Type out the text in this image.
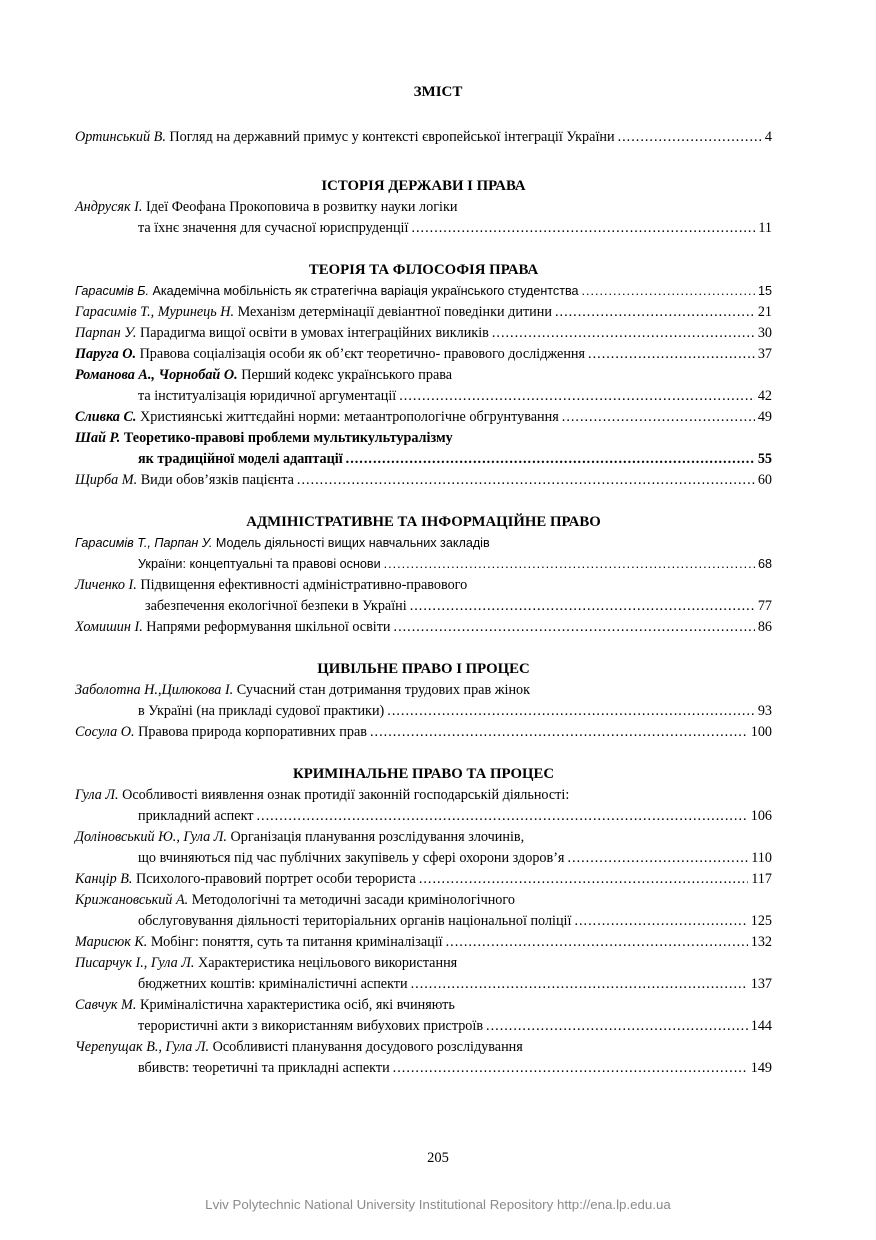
ЗМІСТ
Ортинський В. Погляд на державний примус у контексті європейської інтеграції України .....	4
ІСТОРІЯ ДЕРЖАВИ І ПРАВА
Андрусяк І. Ідеї Феофана Прокоповича в розвитку науки логіки
та їхнє значення для сучасної юриспруденції .....	11
ТЕОРІЯ ТА ФІЛОСОФІЯ ПРАВА
Гарасимів Б. Академічна мобільність як стратегічна варіація українського студентства .....	15
Гарасимів Т., Муринець Н. Механізм детермінації девіантної поведінки дитини .....	21
Парпан У. Парадигма вищої освіти в умовах інтеграційних викликів .....	30
Паруга О. Правова соціалізація особи як об’єкт теоретично- правового дослідження .....	37
Романова А., Чорнобай О. Перший кодекс українського права
та інституалізація юридичної аргументації .....	42
Сливка С. Християнські життєдайні норми: метаантропологічне обгрунтування .....	49
Шай Р. Теоретико-правові проблеми мультикультуралізму
як традиційної моделі адаптації .....	55
Щирба М. Види обов’язків пацієнта .....	60
АДМІНІСТРАТИВНЕ ТА ІНФОРМАЦІЙНЕ ПРАВО
Гарасимів Т., Парпан У. Модель діяльності вищих навчальних закладів
України: концептуальні та правові основи .....	68
Личенко І. Підвищення ефективності адміністративно-правового
забезпечення екологічної безпеки в Україні .....	77
Хомишин І. Напрями реформування шкільної освіти .....	86
ЦИВІЛЬНЕ ПРАВО І ПРОЦЕС
Заболотна Н.,Цилюкова І. Сучасний стан дотримання трудових прав жінок
в Україні (на прикладі судової практики) .....	93
Сосула О. Правова природа корпоративних прав .....	100
КРИМІНАЛЬНЕ ПРАВО ТА ПРОЦЕС
Гула Л. Особливості виявлення ознак протидії законній господарській діяльності:
прикладний аспект .....	106
Доліновський Ю., Гула Л. Організація планування розслідування злочинів,
що вчиняються під час публічних закупівель у сфері охорони здоров’я .....	110
Канцір В. Психолого-правовий портрет особи терориста .....	117
Крижановський А. Методологічні та методичні засади кримінологічного
обслуговування діяльності територіальних органів національної поліції .....	125
Марисюк К. Мобінг: поняття, суть та питання криміналізації .....	132
Писарчук І., Гула Л. Характеристика нецільового використання
бюджетних коштів: криміналістичні аспекти .....	137
Савчук М. Криміналістична характеристика осіб, які вчиняють
терористичні акти з використанням вибухових пристроїв .....	144
Черепущак В., Гула Л. Особливиcті планування досудового розслідування
вбивств: теоретичні та прикладні аспекти .....	149
205
Lviv Polytechnic National University Institutional Repository http://ena.lp.edu.ua
